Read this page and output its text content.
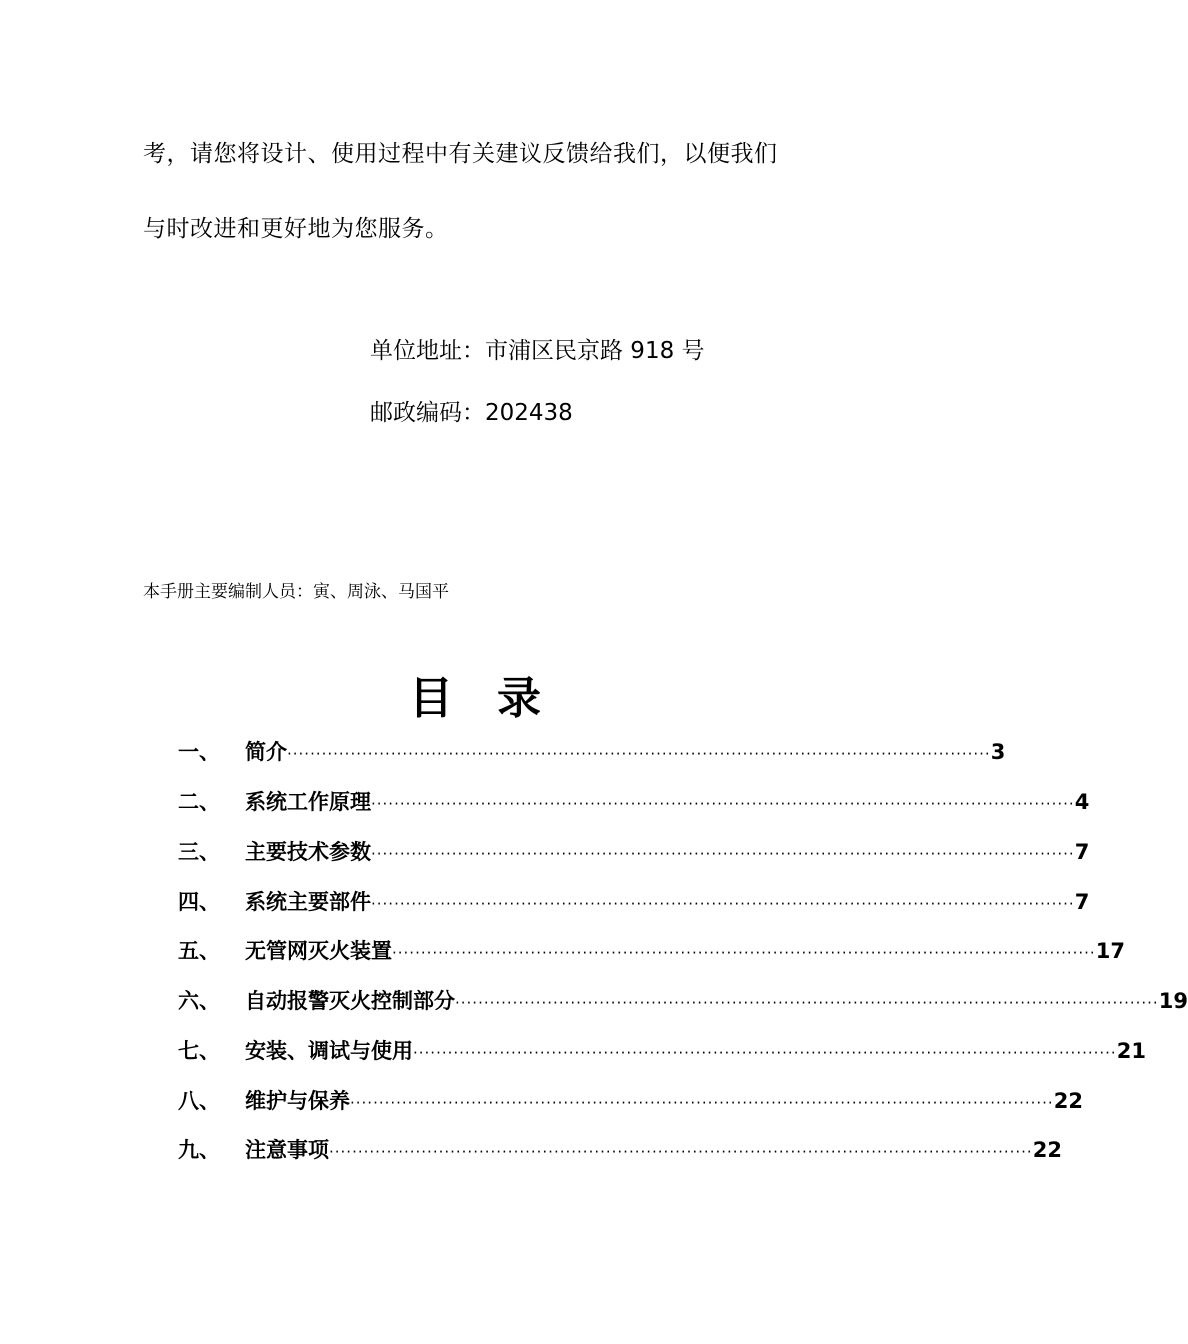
考，请您将设计、使用过程中有关建议反馈给我们，以便我们
与时改进和更好地为您服务。
单位地址：市浦区民京路 918 号
邮政编码：202438
本手册主要编制人员：寅、周泳、马国平
目录
一、 简介 ·························································································································· 3
二、 系统工作原理 ·························································································································· 4
三、 主要技术参数 ·························································································································· 7
四、 系统主要部件 ·························································································································· 7
五、 无管网灭火装置 ·························································································································· 17
六、 自动报警灭火控制部分 ·························································································································· 19
七、 安装、调试与使用 ·························································································································· 21
八、 维护与保养 ·························································································································· 22
九、 注意事项 ·························································································································· 22
